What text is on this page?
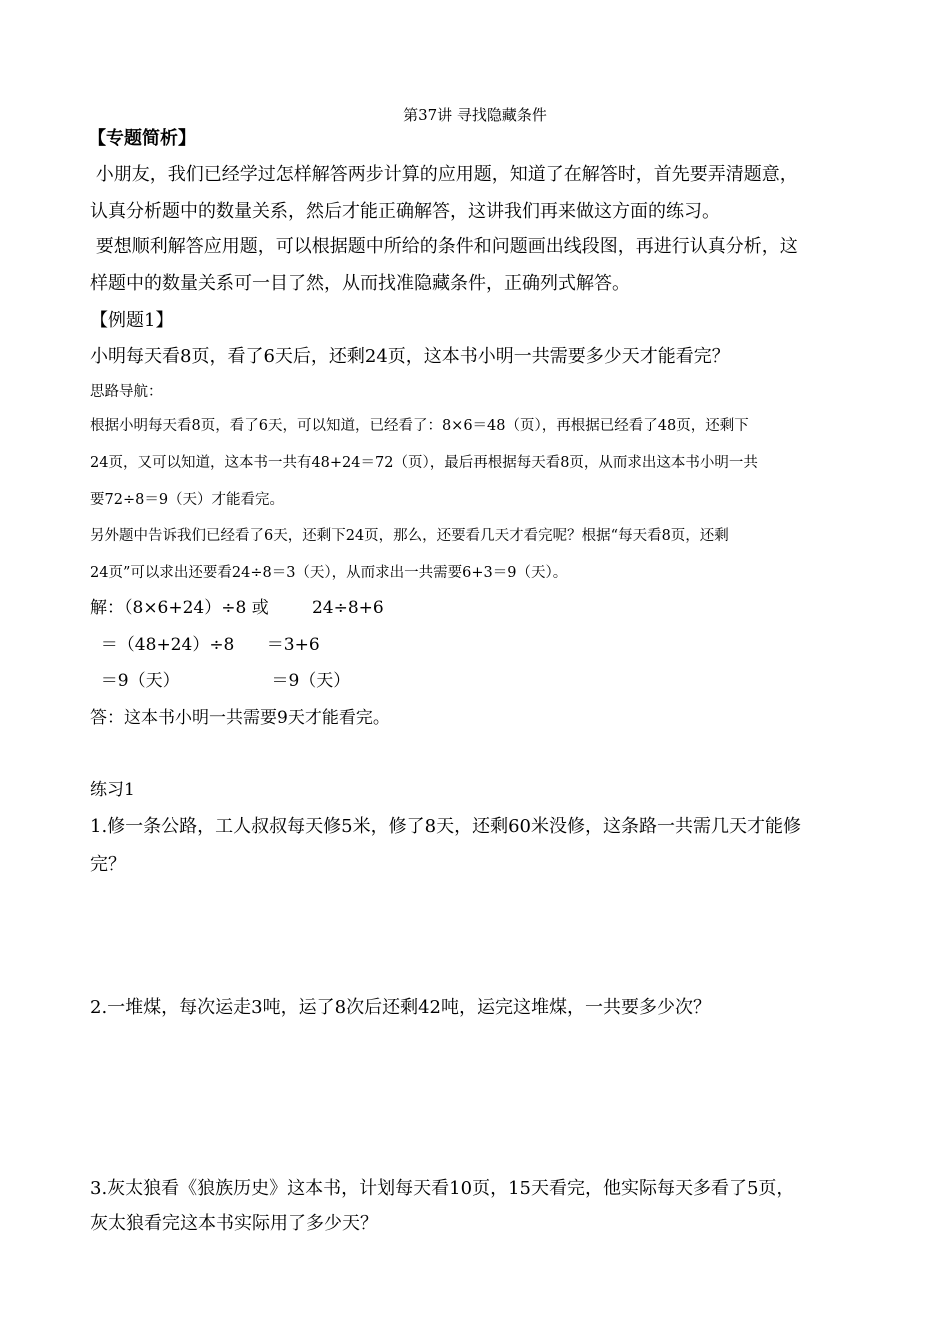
第37讲 寻找隐藏条件
【专题简析】
小朋友，我们已经学过怎样解答两步计算的应用题，知道了在解答时，首先要弄清题意，
认真分析题中的数量关系，然后才能正确解答，这讲我们再来做这方面的练习。
要想顺利解答应用题，可以根据题中所给的条件和问题画出线段图，再进行认真分析，这
样题中的数量关系可一目了然，从而找准隐藏条件，正确列式解答。
【例题1】
小明每天看8页，看了6天后，还剩24页，这本书小明一共需要多少天才能看完？
思路导航：
根据小明每天看8页，看了6天，可以知道，已经看了：8×6＝48（页），再根据已经看了48页，还剩下
24页，又可以知道，这本书一共有48+24＝72（页），最后再根据每天看8页，从而求出这本书小明一共
要72÷8＝9（天）才能看完。
另外题中告诉我们已经看了6天，还剩下24页，那么，还要看几天才看完呢？根据“每天看8页，还剩
24页”可以求出还要看24÷8＝3（天），从而求出一共需要6+3＝9（天）。
解：（8×6+24）÷8 或        24÷8+6
＝（48+24）÷8      ＝3+6
＝9（天）                 ＝9（天）
答：这本书小明一共需要9天才能看完。
练习1
1.修一条公路，工人叔叔每天修5米，修了8天，还剩60米没修，这条路一共需几天才能修
完？
2.一堆煤，每次运走3吨，运了8次后还剩42吨，运完这堆煤，一共要多少次？
3.灰太狼看《狼族历史》这本书，计划每天看10页，15天看完，他实际每天多看了5页，
灰太狼看完这本书实际用了多少天？
